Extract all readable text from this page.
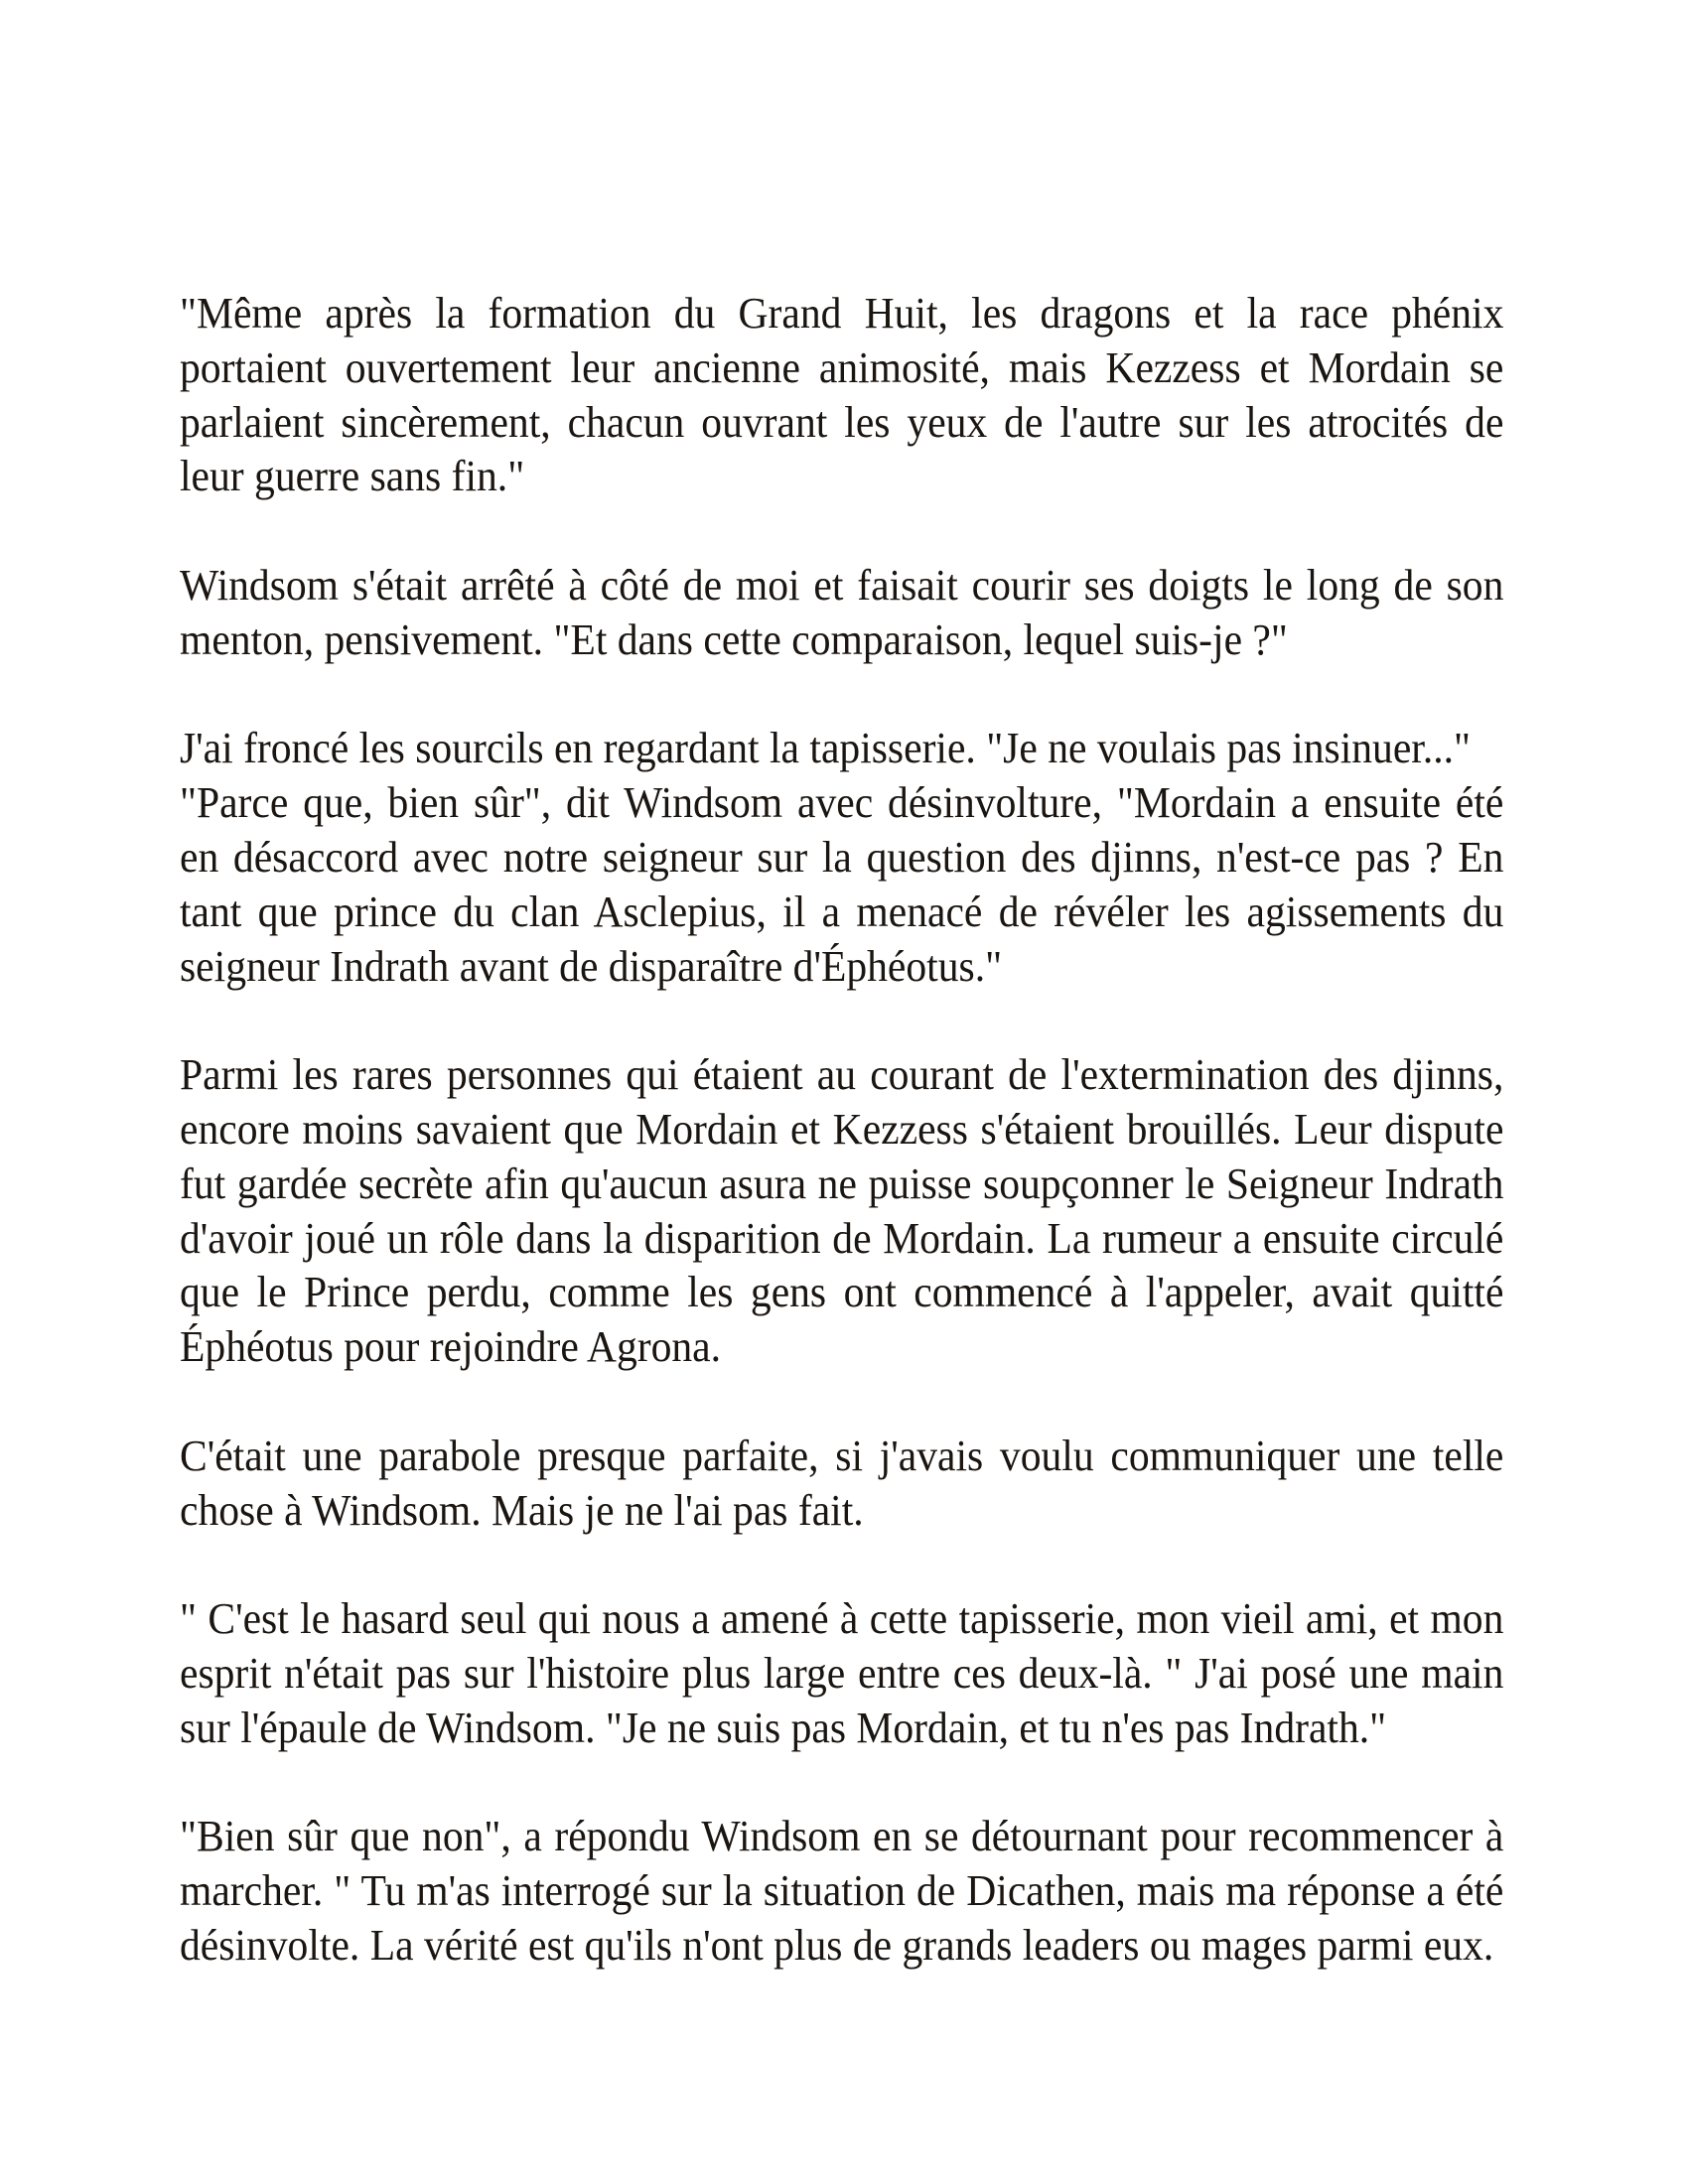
"Même après la formation du Grand Huit, les dragons et la race phénix portaient ouvertement leur ancienne animosité, mais Kezzess et Mordain se parlaient sincèrement, chacun ouvrant les yeux de l'autre sur les atrocités de leur guerre sans fin."

Windsom s'était arrêté à côté de moi et faisait courir ses doigts le long de son menton, pensivement. "Et dans cette comparaison, lequel suis-je ?"

J'ai froncé les sourcils en regardant la tapisserie. "Je ne voulais pas insinuer..."

"Parce que, bien sûr", dit Windsom avec désinvolture, "Mordain a ensuite été en désaccord avec notre seigneur sur la question des djinns, n'est-ce pas ? En tant que prince du clan Asclepius, il a menacé de révéler les agissements du seigneur Indrath avant de disparaître d'Éphéotus."

Parmi les rares personnes qui étaient au courant de l'extermination des djinns, encore moins savaient que Mordain et Kezzess s'étaient brouillés. Leur dispute fut gardée secrète afin qu'aucun asura ne puisse soupçonner le Seigneur Indrath d'avoir joué un rôle dans la disparition de Mordain. La rumeur a ensuite circulé que le Prince perdu, comme les gens ont commencé à l'appeler, avait quitté Éphéotus pour rejoindre Agrona.

C'était une parabole presque parfaite, si j'avais voulu communiquer une telle chose à Windsom. Mais je ne l'ai pas fait.

" C'est le hasard seul qui nous a amené à cette tapisserie, mon vieil ami, et mon esprit n'était pas sur l'histoire plus large entre ces deux-là. " J'ai posé une main sur l'épaule de Windsom. "Je ne suis pas Mordain, et tu n'es pas Indrath."

"Bien sûr que non", a répondu Windsom en se détournant pour recommencer à marcher. " Tu m'as interrogé sur la situation de Dicathen, mais ma réponse a été désinvolte. La vérité est qu'ils n'ont plus de grands leaders ou mages parmi eux.
